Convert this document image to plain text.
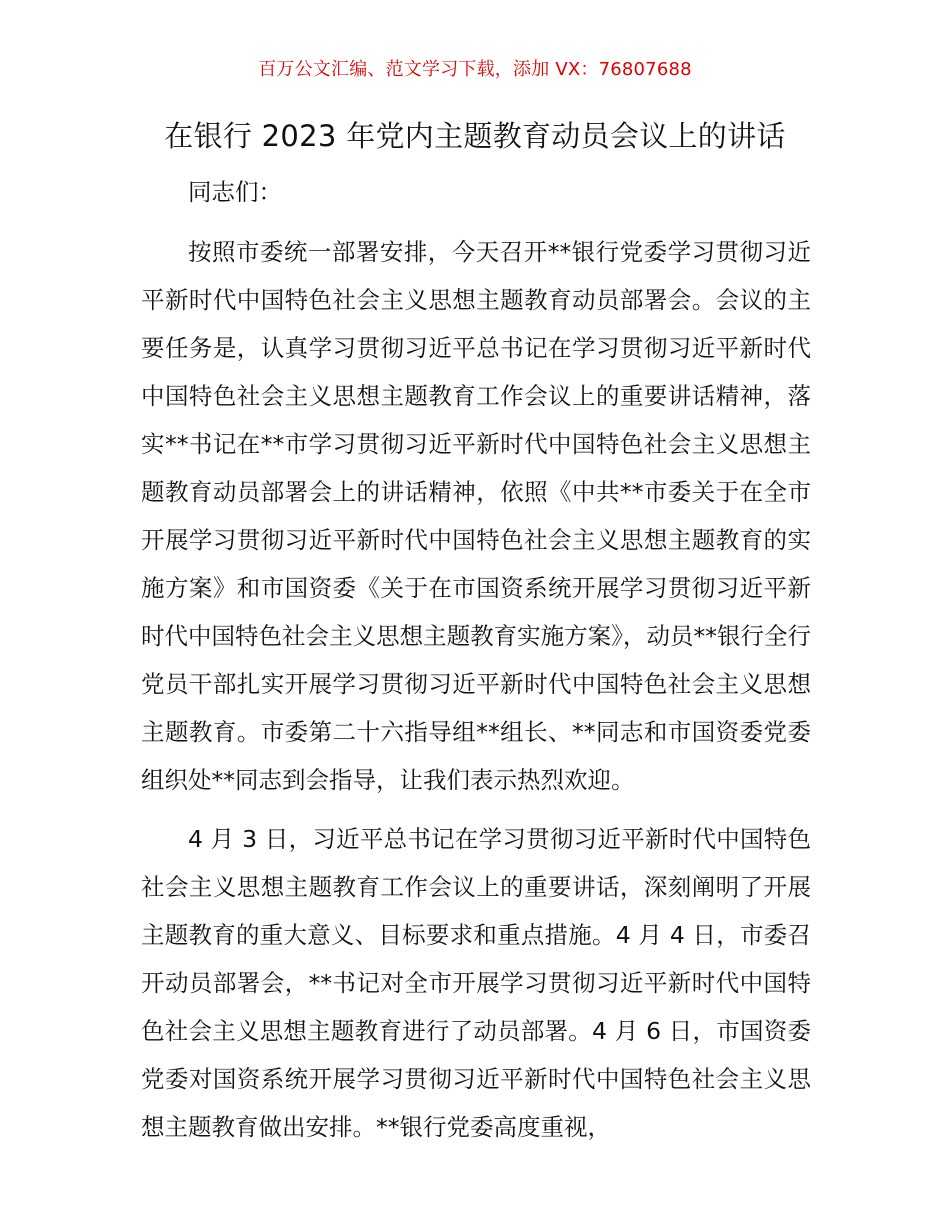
百万公文汇编、范文学习下载，添加 VX：76807688
在银行 2023 年党内主题教育动员会议上的讲话

同志们：

按照市委统一部署安排，今天召开**银行党委学习贯彻习近平新时代中国特色社会主义思想主题教育动员部署会。会议的主要任务是，认真学习贯彻习近平总书记在学习贯彻习近平新时代中国特色社会主义思想主题教育工作会议上的重要讲话精神，落实**书记在**市学习贯彻习近平新时代中国特色社会主义思想主题教育动员部署会上的讲话精神，依照《中共**市委关于在全市开展学习贯彻习近平新时代中国特色社会主义思想主题教育的实施方案》和市国资委《关于在市国资系统开展学习贯彻习近平新时代中国特色社会主义思想主题教育实施方案》，动员**银行全行党员干部扎实开展学习贯彻习近平新时代中国特色社会主义思想主题教育。市委第二十六指导组**组长、**同志和市国资委党委组织处**同志到会指导，让我们表示热烈欢迎。

4 月 3 日，习近平总书记在学习贯彻习近平新时代中国特色社会主义思想主题教育工作会议上的重要讲话，深刻阐明了开展主题教育的重大意义、目标要求和重点措施。4 月 4 日，市委召开动员部署会，**书记对全市开展学习贯彻习近平新时代中国特色社会主义思想主题教育进行了动员部署。4 月 6 日，市国资委党委对国资系统开展学习贯彻习近平新时代中国特色社会主义思想主题教育做出安排。**银行党委高度重视，
